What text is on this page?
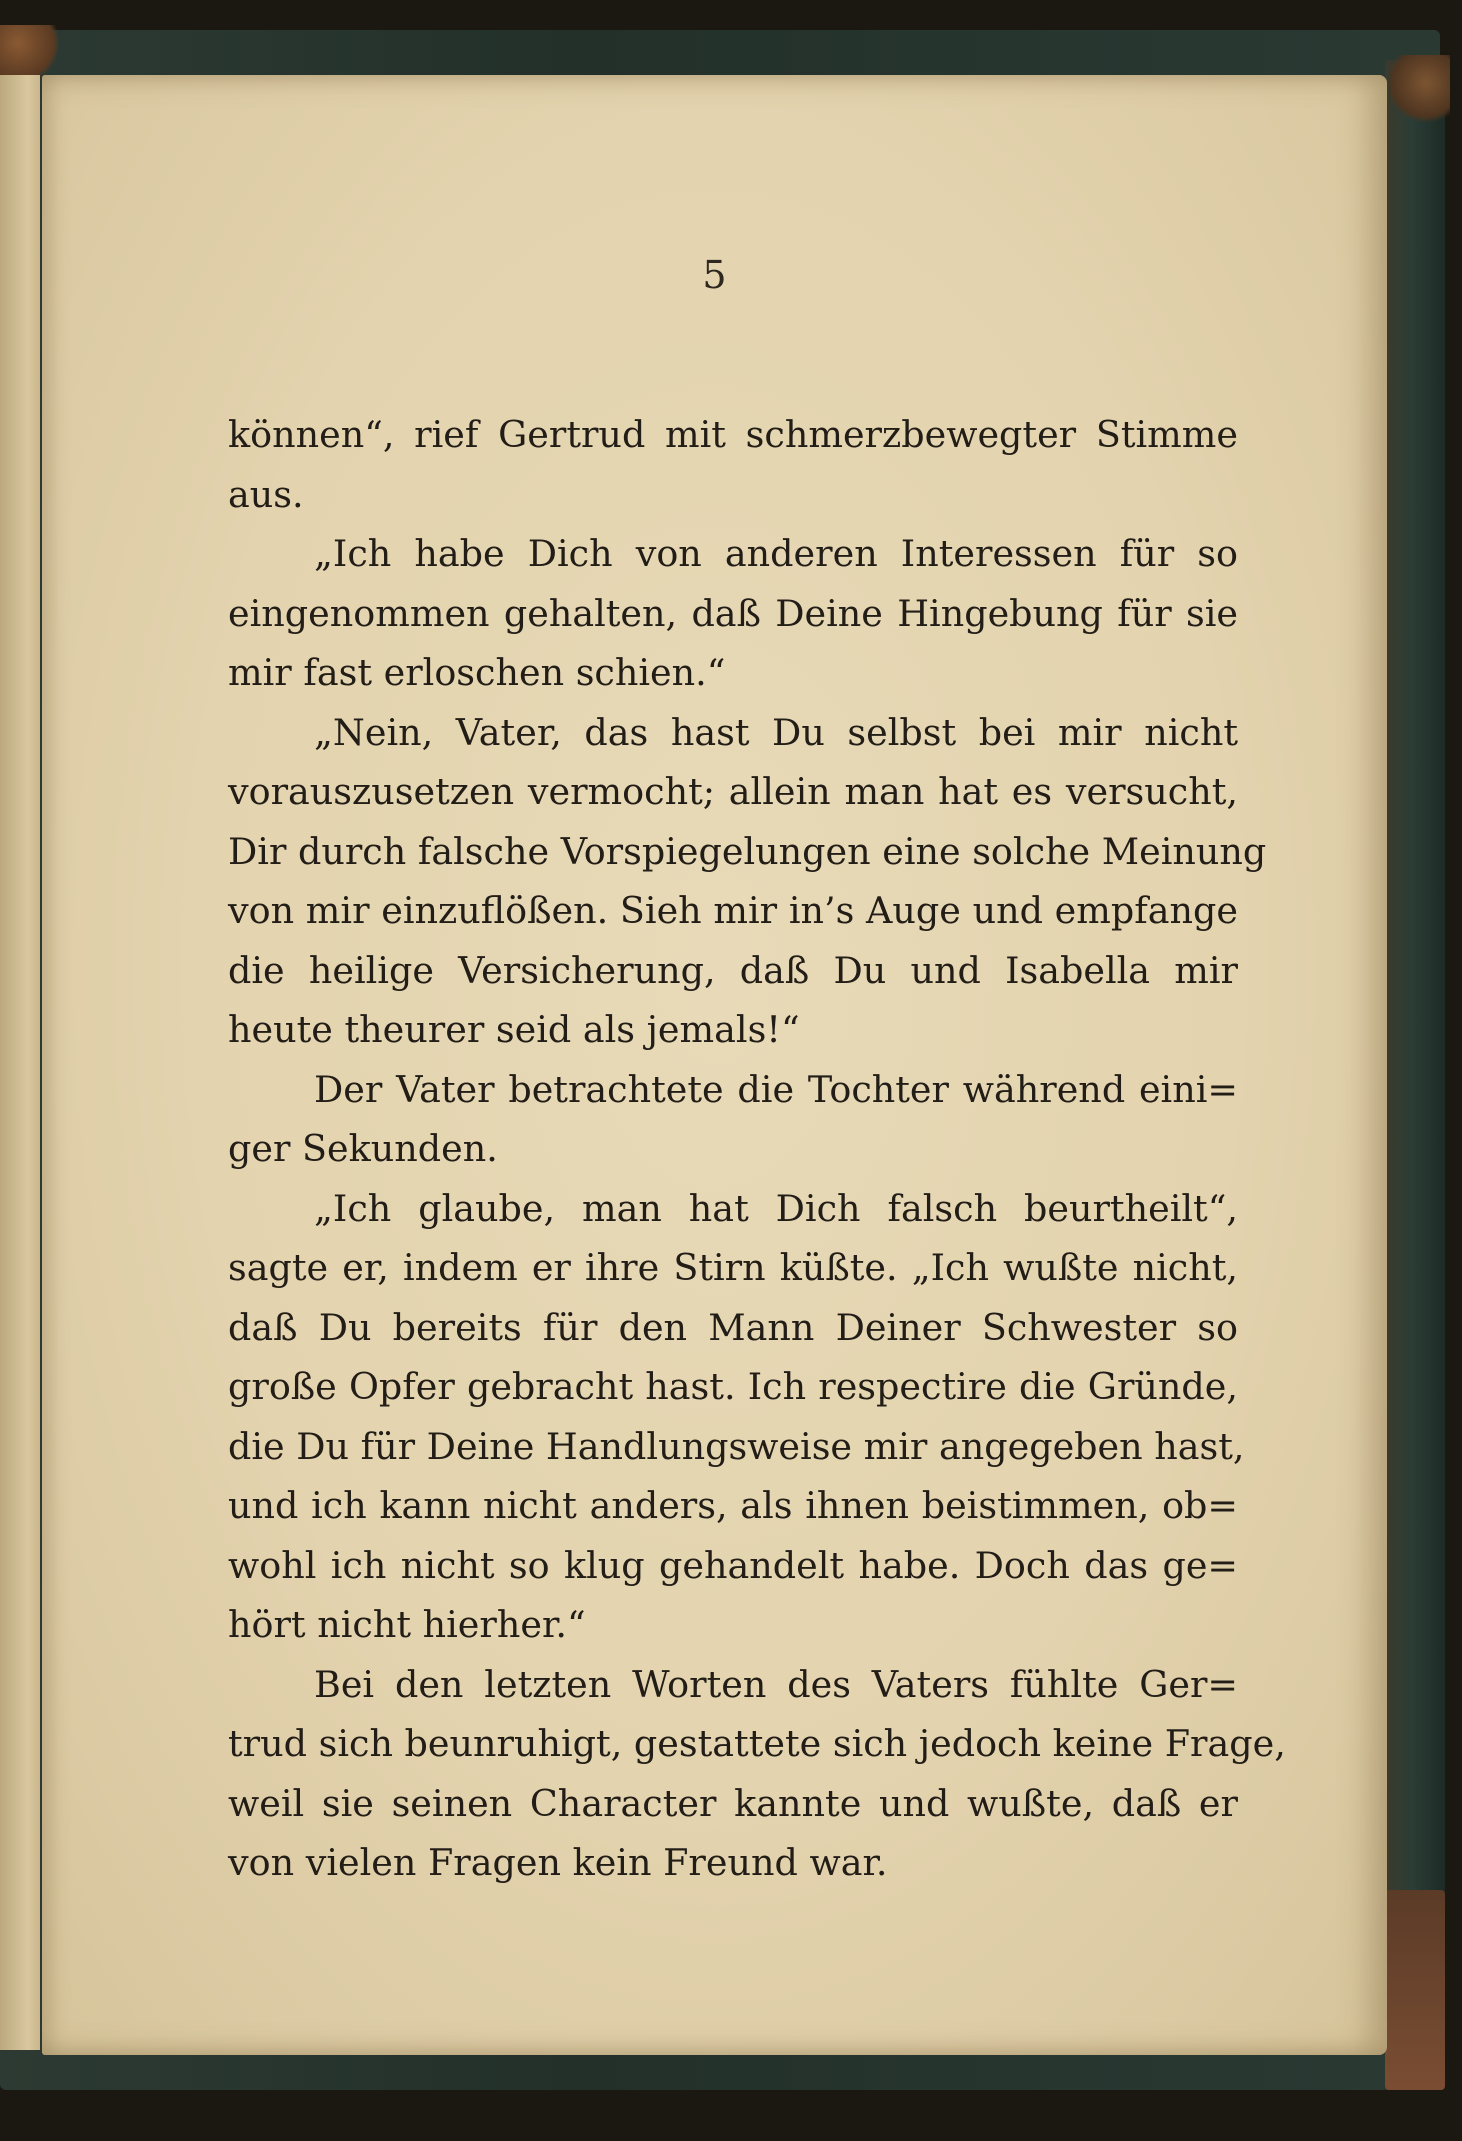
5
können“, rief Gertrud mit schmerzbewegter Stimme
aus.
„Ich habe Dich von anderen Interessen für so
eingenommen gehalten, daß Deine Hingebung für sie
mir fast erloschen schien.“
„Nein, Vater, das hast Du selbst bei mir nicht
vorauszusetzen vermocht; allein man hat es versucht,
Dir durch falsche Vorspiegelungen eine solche Meinung
von mir einzuflößen. Sieh mir in’s Auge und empfange
die heilige Versicherung, daß Du und Isabella mir
heute theurer seid als jemals!“
Der Vater betrachtete die Tochter während eini=
ger Sekunden.
„Ich glaube, man hat Dich falsch beurtheilt“,
sagte er, indem er ihre Stirn küßte. „Ich wußte nicht,
daß Du bereits für den Mann Deiner Schwester so
große Opfer gebracht hast. Ich respectire die Gründe,
die Du für Deine Handlungsweise mir angegeben hast,
und ich kann nicht anders, als ihnen beistimmen, ob=
wohl ich nicht so klug gehandelt habe. Doch das ge=
hört nicht hierher.“
Bei den letzten Worten des Vaters fühlte Ger=
trud sich beunruhigt, gestattete sich jedoch keine Frage,
weil sie seinen Character kannte und wußte, daß er
von vielen Fragen kein Freund war.
